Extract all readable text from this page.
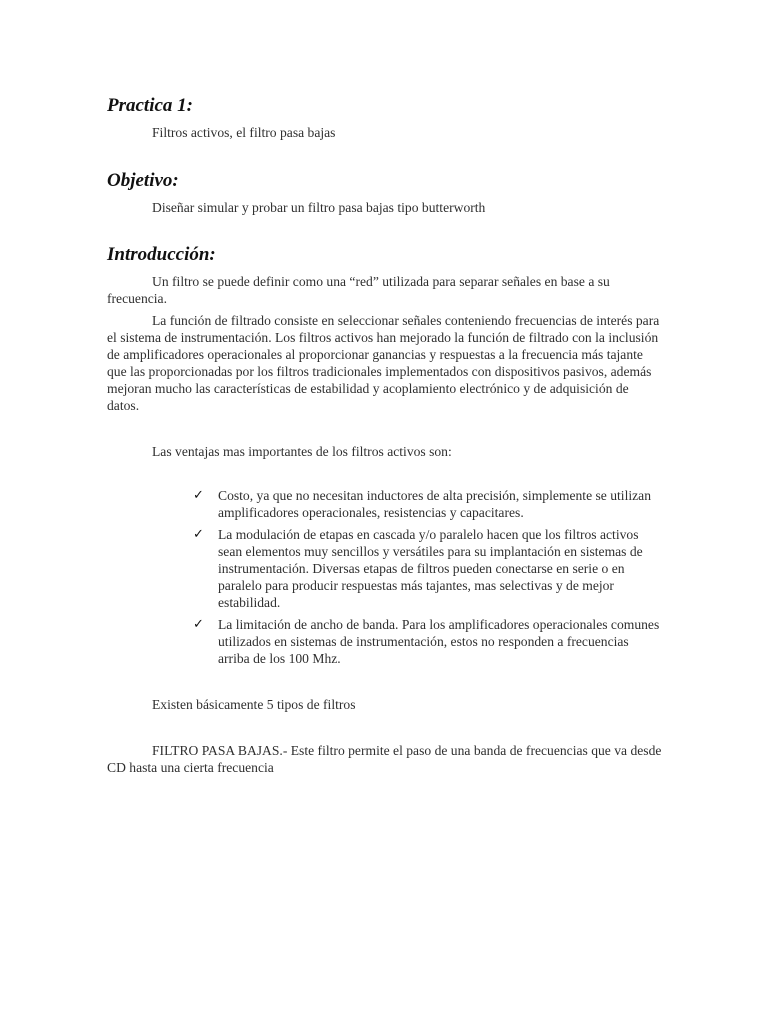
Practica 1:

Filtros activos, el filtro pasa bajas

Objetivo:

Diseñar simular y probar un filtro pasa bajas tipo butterworth

Introducción:

Un filtro se puede definir como una “red” utilizada para separar señales en base a su frecuencia.

La función de filtrado consiste en seleccionar señales conteniendo frecuencias de interés para el sistema de instrumentación. Los filtros activos han mejorado la función de filtrado con la inclusión de amplificadores operacionales al proporcionar ganancias y respuestas a la frecuencia más tajante que las proporcionadas por los filtros tradicionales implementados con dispositivos pasivos, además mejoran mucho las características de estabilidad y acoplamiento electrónico y de adquisición de datos.

Las ventajas mas importantes de los filtros activos son:

✓ Costo, ya que no necesitan inductores de alta precisión, simplemente se utilizan amplificadores operacionales, resistencias y capacitares.
✓ La modulación de etapas en cascada y/o paralelo hacen que los filtros activos sean elementos muy sencillos y versátiles para su implantación en sistemas de instrumentación. Diversas etapas de filtros pueden conectarse en serie o en paralelo para producir respuestas más tajantes, mas selectivas y de mejor estabilidad.
✓ La limitación de ancho de banda. Para los amplificadores operacionales comunes utilizados en sistemas de instrumentación, estos no responden a frecuencias arriba de los 100 Mhz.

Existen básicamente 5 tipos de filtros

FILTRO PASA BAJAS.- Este filtro permite el paso de una banda de frecuencias que va desde CD hasta una cierta frecuencia
